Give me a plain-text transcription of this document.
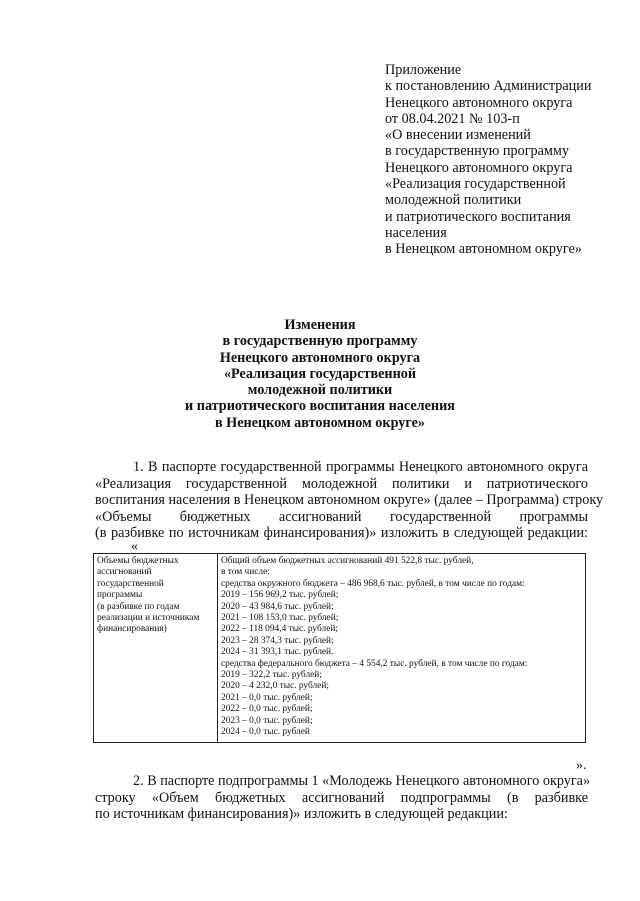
Приложение
к постановлению Администрации
Ненецкого автономного округа
от 08.04.2021 № 103-п
«О внесении изменений
в государственную программу
Ненецкого автономного округа
«Реализация государственной
молодежной политики
и патриотического воспитания
населения
в Ненецком автономном округе»
Изменения
в государственную программу
Ненецкого автономного округа
«Реализация государственной
молодежной политики
и патриотического воспитания населения
в Ненецком автономном округе»
1. В паспорте государственной программы Ненецкого автономного округа
«Реализация государственной молодежной политики и патриотического
воспитания населения в Ненецком автономном округе» (далее – Программа) строку
«Объемы бюджетных ассигнований государственной программы
(в разбивке по источникам финансирования)» изложить в следующей редакции:
«
Объемы бюджетных
ассигнований
государственной
программы
(в разбивке по годам
реализации и источникам
финансирования)

Общий объем бюджетных ассигнований 491 522,8 тыс. рублей,
в том числе:
средства окружного бюджета – 486 968,6 тыс. рублей, в том числе по годам:
2019 – 156 969,2 тыс. рублей;
2020 – 43 984,6 тыс. рублей;
2021 – 108 153,0 тыс. рублей;
2022 – 118 094,4 тыс. рублей;
2023 – 28 374,3 тыс. рублей;
2024 – 31 393,1 тыс. рублей.
средства федерального бюджета – 4 554,2 тыс. рублей, в том числе по годам:
2019 – 322,2 тыс. рублей;
2020 – 4 232,0 тыс. рублей;
2021 – 0,0 тыс. рублей;
2022 – 0,0 тыс. рублей;
2023 – 0,0 тыс. рублей;
2024 – 0,0 тыс. рублей
».
2. В паспорте подпрограммы 1 «Молодежь Ненецкого автономного округа»
строку «Объем бюджетных ассигнований подпрограммы (в разбивке
по источникам финансирования)» изложить в следующей редакции:
